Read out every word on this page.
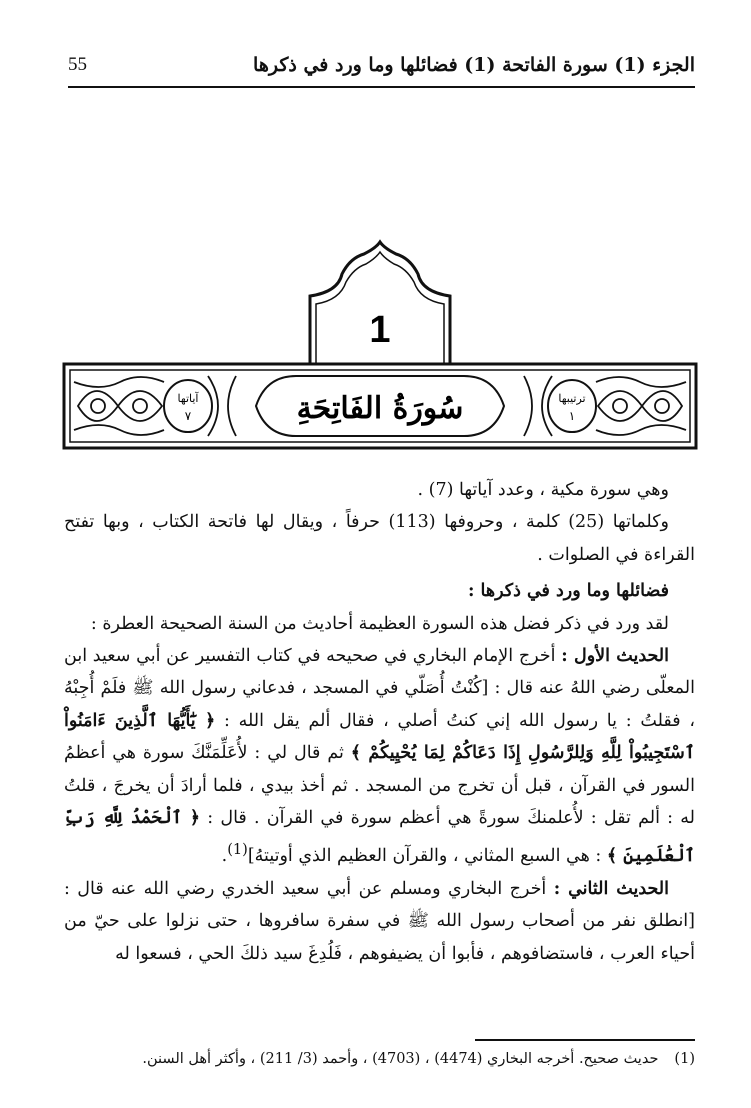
الجزء (1) سورة الفاتحة (1) فضائلها وما ورد في ذكرها
55
1
آياتها
٧
ترتيبها
١
سُورَةُ الفَاتِحَةِ

وهي سورة مكية ، وعدد آياتها (7) .

وكلماتها (25) كلمة ، وحروفها (113) حرفاً ، ويقال لها فاتحة الكتاب ، وبها تفتح القراءة في الصلوات .

فضائلها وما ورد في ذكرها :

لقد ورد في ذكر فضل هذه السورة العظيمة أحاديث من السنة الصحيحة العطرة :

الحديث الأول : أخرج الإمام البخاري في صحيحه في كتاب التفسير عن أبي سعيد ابن المعلّى رضي اللهُ عنه قال : [كُنْتُ أُصَلّي في المسجد ، فدعاني رسول الله ﷺ فلَمْ أُجِبْهُ ، فقلتُ : يا رسول الله إني كنتُ أصلي ، فقال ألم يقل الله : ﴿ يَٰٓأَيُّهَا ٱلَّذِينَ ءَامَنُواْ ٱسْتَجِيبُواْ لِلَّهِ وَلِلرَّسُولِ إِذَا دَعَاكُمْ لِمَا يُحْيِيكُمْ ﴾ ثم قال لي : لأُعَلِّمَنَّكَ سورة هي أعظمُ السور في القرآن ، قبل أن تخرج من المسجد . ثم أخذ بيدي ، فلما أرادَ أن يخرجَ ، قلتُ له : ألم تقل : لأُعلمنكَ سورةً هي أعظم سورة في القرآن . قال : ﴿ ٱلْحَمْدُ لِلَّهِ رَبِّ ٱلْعَٰلَمِينَ ﴾ : هي السبع المثاني ، والقرآن العظيم الذي أوتيتهُ]$^{(1)}$.

الحديث الثاني : أخرج البخاري ومسلم عن أبي سعيد الخدري رضي الله عنه قال : [انطلق نفر من أصحاب رسول الله ﷺ في سفرة سافروها ، حتى نزلوا على حيّ من أحياء العرب ، فاستضافوهم ، فأبوا أن يضيفوهم ، فَلُدِغَ سيد ذلكَ الحي ، فسعوا له

(1)حديث صحيح. أخرجه البخاري (4474) ، (4703) ، وأحمد (3/ 211) ، وأكثر أهل السنن.
